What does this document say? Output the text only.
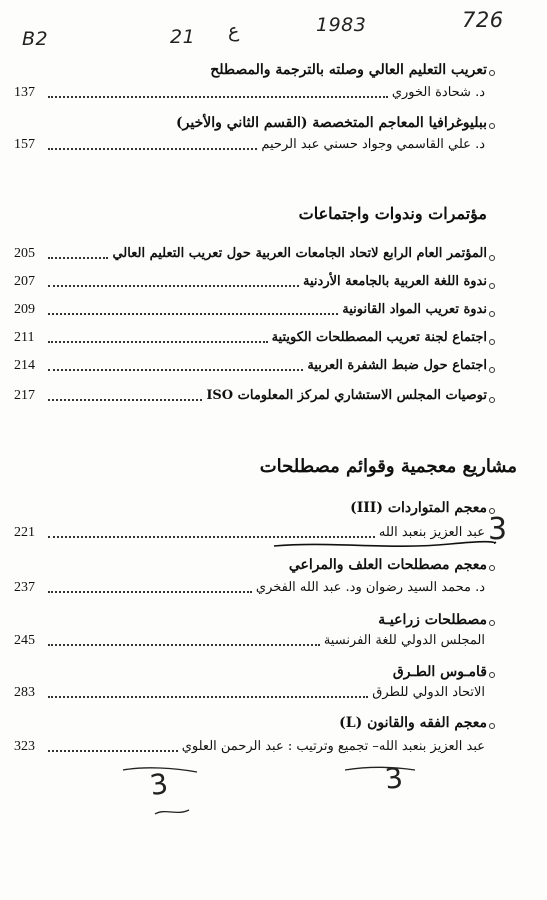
B2	21 ع	1983	726
تعريب التعليم العالي وصلته بالترجمة والمصطلح
137	د. شحادة الخوري
ببليوغرافيا المعاجم المتخصصة (القسم الثاني والأخير)
157	د. علي القاسمي وجواد حسني عبد الرحيم
مؤتمرات وندوات واجتماعات
205	المؤتمر العام الرابع لاتحاد الجامعات العربية حول تعريب التعليم العالي
207	ندوة اللغة العربية بالجامعة الأردنية
209	ندوة تعريب المواد القانونية
211	اجتماع لجنة تعريب المصطلحات الكويتية
214	اجتماع حول ضبط الشفرة العربية
217	توصيات المجلس الاستشاري لمركز المعلومات ISO
مشاريع معجمية وقوائم مصطلحات
معجم المتواردات (III)
221	عبد العزيز بنعبد الله 3
معجم مصطلحات العلف والمراعي
237	د. محمد السيد رضوان ود. عبد الله الفخري
مصطلحات زراعيـة
245	المجلس الدولي للغة الفرنسية
قامـوس الطـرق
283	الاتحاد الدولي للطرق
معجم الفقه والقانون (L)
323	عبد العزيز بنعبد الله– تجميع وترتيب : عبد الرحمن العلوي
3	3
